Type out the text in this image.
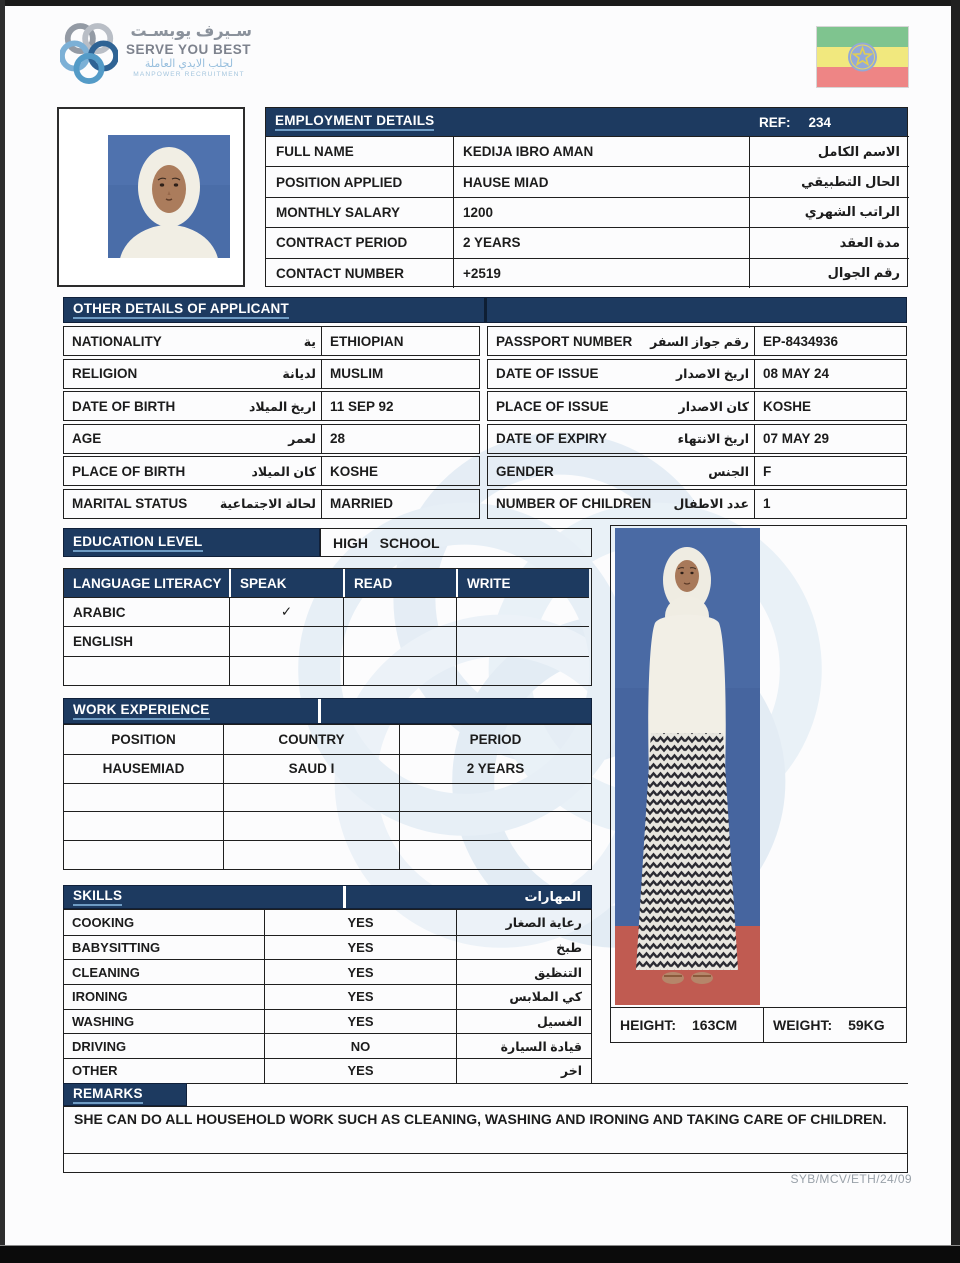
سـيرف يوبسـت
SERVE YOU BEST
لجلب الايدي العاملة
MANPOWER RECRUITMENT
EMPLOYMENT DETAILS	REF: 234
FULL NAME	KEDIJA IBRO AMAN	الاسم الكامل
POSITION APPLIED	HAUSE MIAD	الحال التطبيقي
MONTHLY SALARY	1200	الراتب الشهري
CONTRACT PERIOD	2 YEARS	مدة العقد
CONTACT NUMBER	+2519	رقم الجوال
OTHER DETAILS OF APPLICANT
NATIONALITY	ية	ETHIOPIAN
RELIGION	لديانة	MUSLIM
DATE OF BIRTH	اريخ الميلاد	11 SEP 92
AGE	لعمر	28
PLACE OF BIRTH	كان الميلاد	KOSHE
MARITAL STATUS	لحالة الاجتماعية	MARRIED
PASSPORT NUMBER رقم جواز السفر	EP-8434936
DATE OF ISSUE	اريخ الاصدار	08 MAY 24
PLACE OF ISSUE	كان الاصدار	KOSHE
DATE OF EXPIRY	اريخ الانتهاء	07 MAY 29
GENDER	الجنس	F
NUMBER OF CHILDREN عدد الاطفال	1
EDUCATION LEVEL	HIGH   SCHOOL
LANGUAGE LITERACY	SPEAK	READ	WRITE
ARABIC	✓
ENGLISH
WORK EXPERIENCE
POSITION	COUNTRY	PERIOD
HAUSEMIAD	SAUD I	2 YEARS
SKILLS	المهارات
COOKING	YES	رعاية الصغار
BABYSITTING	YES	طبخ
CLEANING	YES	التنظيق
IRONING	YES	كي الملابس
WASHING	YES	الغسيل
DRIVING	NO	قيادة السيارة
OTHER	YES	اخر
HEIGHT: 163CM	WEIGHT: 59KG
REMARKS
SHE CAN DO ALL HOUSEHOLD WORK SUCH AS CLEANING, WASHING AND IRONING AND TAKING CARE OF CHILDREN.
SYB/MCV/ETH/24/09
